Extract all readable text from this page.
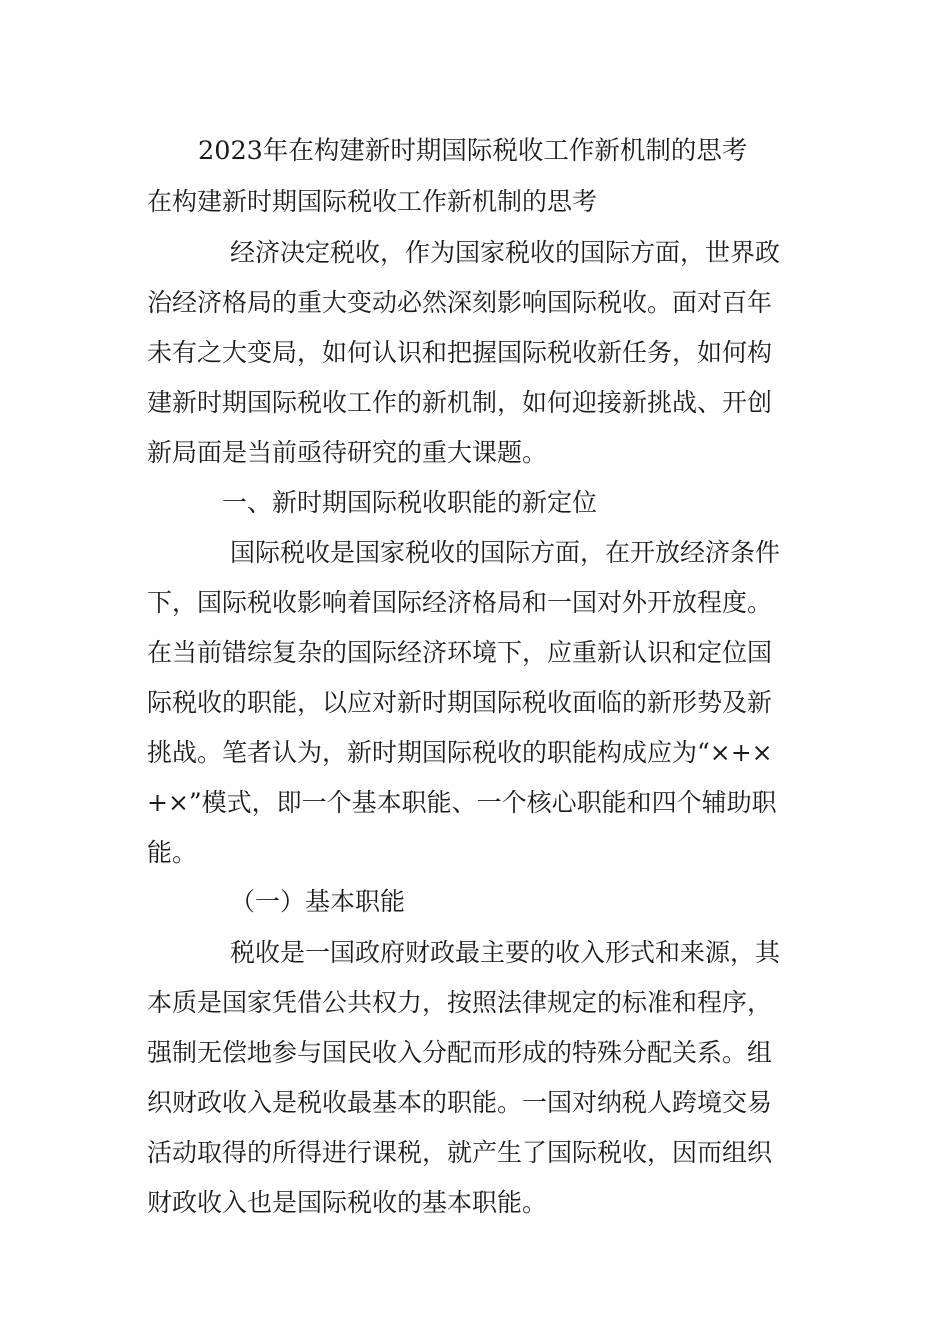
2023年在构建新时期国际税收工作新机制的思考
在构建新时期国际税收工作新机制的思考
经济决定税收，作为国家税收的国际方面，世界政
治经济格局的重大变动必然深刻影响国际税收。面对百年
未有之大变局，如何认识和把握国际税收新任务，如何构
建新时期国际税收工作的新机制，如何迎接新挑战、开创
新局面是当前亟待研究的重大课题。
一、新时期国际税收职能的新定位
国际税收是国家税收的国际方面，在开放经济条件
下，国际税收影响着国际经济格局和一国对外开放程度。
在当前错综复杂的国际经济环境下，应重新认识和定位国
际税收的职能，以应对新时期国际税收面临的新形势及新
挑战。笔者认为，新时期国际税收的职能构成应为“×+×
+×”模式，即一个基本职能、一个核心职能和四个辅助职
能。
（一）基本职能
税收是一国政府财政最主要的收入形式和来源，其
本质是国家凭借公共权力，按照法律规定的标准和程序，
强制无偿地参与国民收入分配而形成的特殊分配关系。组
织财政收入是税收最基本的职能。一国对纳税人跨境交易
活动取得的所得进行课税，就产生了国际税收，因而组织
财政收入也是国际税收的基本职能。
